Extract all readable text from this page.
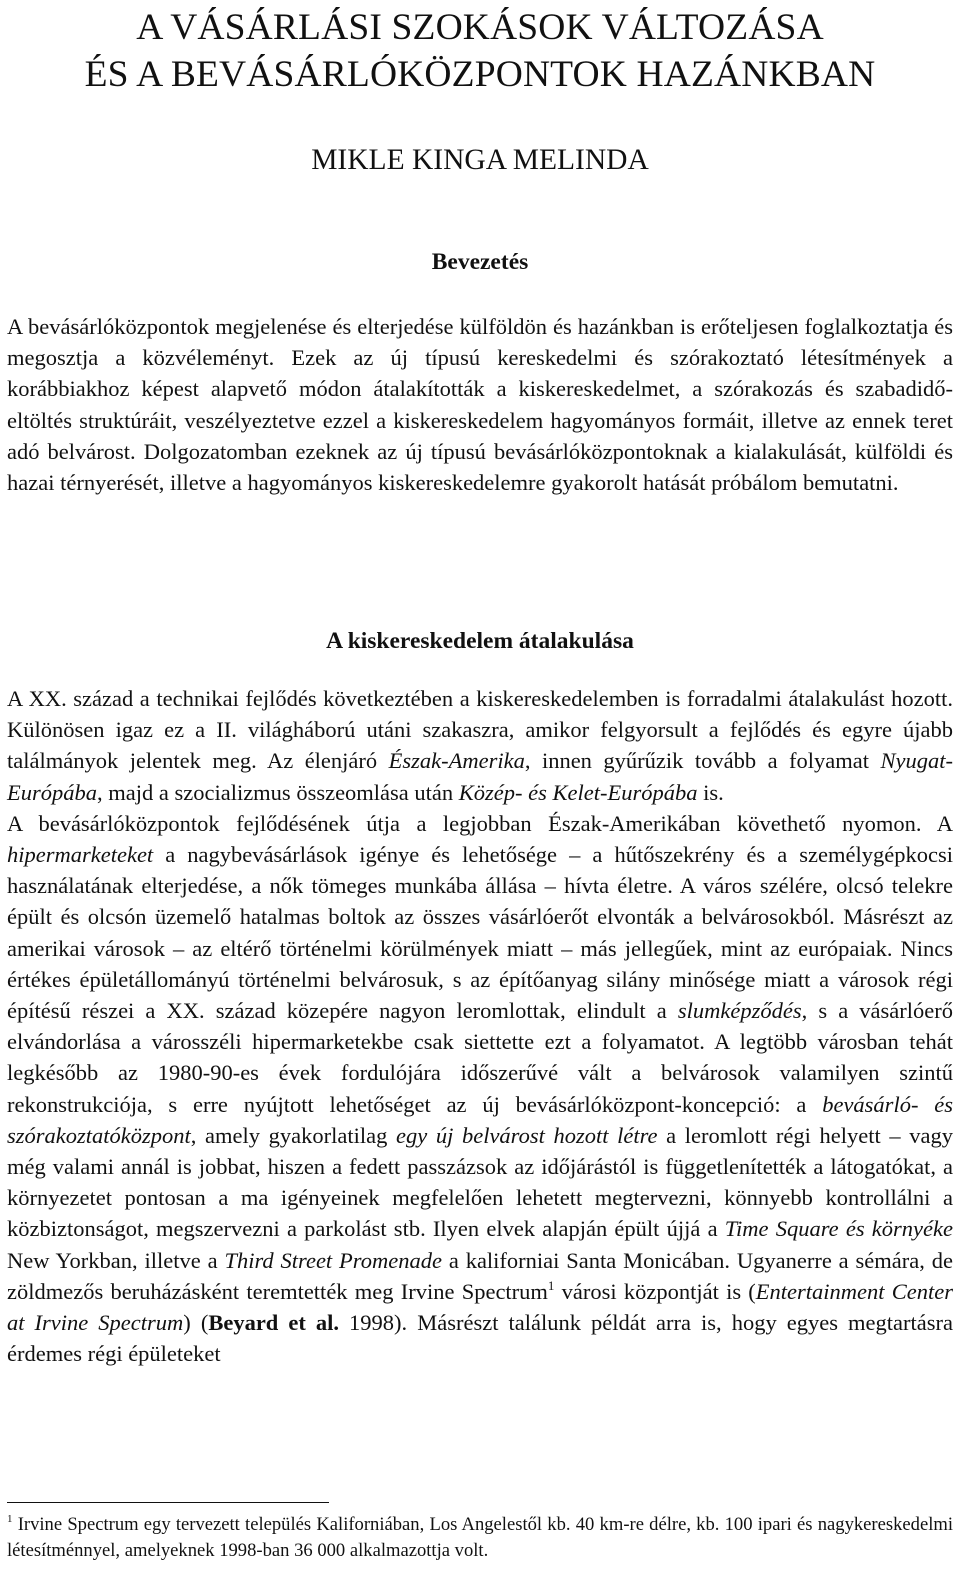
A VÁSÁRLÁSI SZOKÁSOK VÁLTOZÁSA
ÉS A BEVÁSÁRLÓKÖZPONTOK HAZÁNKBAN
MIKLE KINGA MELINDA
Bevezetés

A bevásárlóközpontok megjelenése és elterjedése külföldön és hazánkban is erőteljesen foglalkoztatja és megosztja a közvéleményt. Ezek az új típusú kereskedelmi és szórakoztató létesítmények a korábbiakhoz képest alapvető módon átalakították a kiskereskedelmet, a szórakozás és szabadidő-eltöltés struktúráit, veszélyeztetve ezzel a kiskereskedelem hagyományos formáit, illetve az ennek teret adó belvárost. Dolgozatomban ezeknek az új típusú bevásárlóközpontoknak a kialakulását, külföldi és hazai térnyerését, illetve a hagyományos kiskereskedelemre gyakorolt hatását próbálom bemutatni.

A kiskereskedelem átalakulása

A XX. század a technikai fejlődés következtében a kiskereskedelemben is forradalmi átalakulást hozott. Különösen igaz ez a II. világháború utáni szakaszra, amikor felgyorsult a fejlődés és egyre újabb találmányok jelentek meg. Az élenjáró Észak-Amerika, innen gyűrűzik tovább a folyamat Nyugat-Európába, majd a szocializmus összeomlása után Közép- és Kelet-Európába is.

A bevásárlóközpontok fejlődésének útja a legjobban Észak-Amerikában követhető nyomon. A hipermarketeket a nagybevásárlások igénye és lehetősége – a hűtőszekrény és a személygépkocsi használatának elterjedése, a nők tömeges munkába állása – hívta életre. A város szélére, olcsó telekre épült és olcsón üzemelő hatalmas boltok az összes vásárlóerőt elvonták a belvárosokból. Másrészt az amerikai városok – az eltérő történelmi körülmények miatt – más jellegűek, mint az európaiak. Nincs értékes épületállományú történelmi belvárosuk, s az építőanyag silány minősége miatt a városok régi építésű részei a XX. század közepére nagyon leromlottak, elindult a slumképződés, s a vásárlóerő elvándorlása a városszéli hipermarketekbe csak siettette ezt a folyamatot. A legtöbb városban tehát legkésőbb az 1980-90-es évek fordulójára időszerűvé vált a belvárosok valamilyen szintű rekonstrukciója, s erre nyújtott lehetőséget az új bevásárlóközpont-koncepció: a bevásárló- és szórakoztatóközpont, amely gyakorlatilag egy új belvárost hozott létre a leromlott régi helyett – vagy még valami annál is jobbat, hiszen a fedett passzázsok az időjárástól is függetlenítették a látogatókat, a környezetet pontosan a ma igényeinek megfelelően lehetett megtervezni, könnyebb kontrollálni a közbiztonságot, megszervezni a parkolást stb. Ilyen elvek alapján épült újjá a Time Square és környéke New Yorkban, illetve a Third Street Promenade a kaliforniai Santa Monicában. Ugyanerre a sémára, de zöldmezős beruházásként teremtették meg Irvine Spectrum$^1$ városi központját is (Entertainment Center at Irvine Spectrum) (Beyard et al. 1998). Másrészt találunk példát arra is, hogy egyes megtartásra érdemes régi épületeket

$^1$ Irvine Spectrum egy tervezett település Kaliforniában, Los Angelestől kb. 40 km-re délre, kb. 100 ipari és nagykereskedelmi létesítménnyel, amelyeknek 1998-ban 36 000 alkalmazottja volt.
